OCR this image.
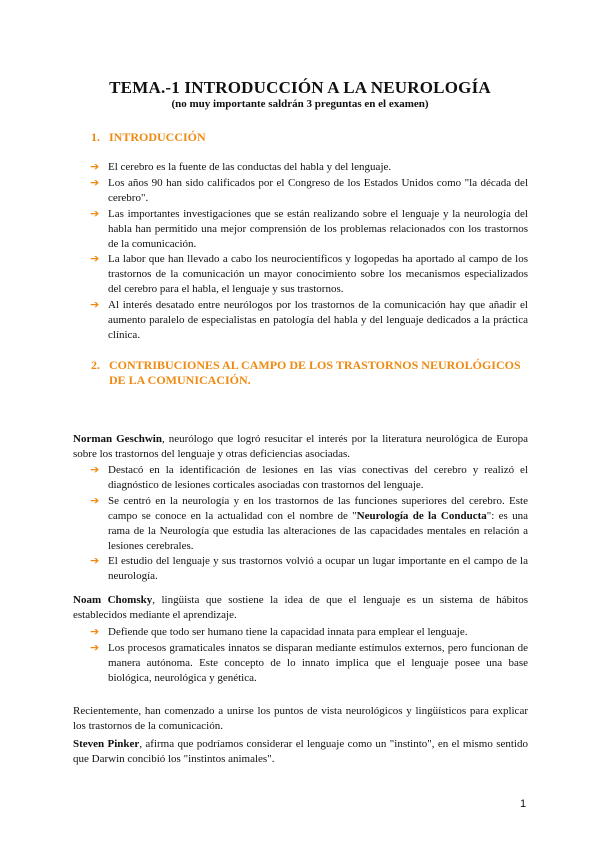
TEMA.-1 INTRODUCCIÓN A LA NEUROLOGÍA

(no muy importante saldrán 3 preguntas en el examen)

1. INTRODUCCIÓN
➔ El cerebro es la fuente de las conductas del habla y del lenguaje.
➔ Los años 90 han sido calificados por el Congreso de los Estados Unidos como "la década del cerebro".
➔ Las importantes investigaciones que se están realizando sobre el lenguaje y la neurología del habla han permitido una mejor comprensión de los problemas relacionados con los trastornos de la comunicación.
➔ La labor que han llevado a cabo los neurocientíficos y logopedas ha aportado al campo de los trastornos de la comunicación un mayor conocimiento sobre los mecanismos especializados del cerebro para el habla, el lenguaje y sus trastornos.
➔ Al interés desatado entre neurólogos por los trastornos de la comunicación hay que añadir el aumento paralelo de especialistas en patología del habla y del lenguaje dedicados a la práctica clínica.
2. CONTRIBUCIONES AL CAMPO DE LOS TRASTORNOS NEUROLÓGICOS
DE LA COMUNICACIÓN.

Norman Geschwin, neurólogo que logró resucitar el interés por la literatura neurológica de Europa sobre los trastornos del lenguaje y otras deficiencias asociadas.

➔ Destacó en la identificación de lesiones en las vías conectivas del cerebro y realizó el diagnóstico de lesiones corticales asociadas con trastornos del lenguaje.
➔ Se centró en la neurología y en los trastornos de las funciones superiores del cerebro. Este campo se conoce en la actualidad con el nombre de "Neurología de la Conducta": es una rama de la Neurología que estudia las alteraciones de las capacidades mentales en relación a lesiones cerebrales.
➔ El estudio del lenguaje y sus trastornos volvió a ocupar un lugar importante en el campo de la neurología.

Noam Chomsky, lingüista que sostiene la idea de que el lenguaje es un sistema de hábitos establecidos mediante el aprendizaje.

➔ Defiende que todo ser humano tiene la capacidad innata para emplear el lenguaje.
➔ Los procesos gramaticales innatos se disparan mediante estímulos externos, pero funcionan de manera autónoma. Este concepto de lo innato implica que el lenguaje posee una base biológica, neurológica y genética.

Recientemente, han comenzado a unirse los puntos de vista neurológicos y lingüísticos para explicar los trastornos de la comunicación.

Steven Pinker, afirma que podríamos considerar el lenguaje como un "instinto", en el mismo sentido que Darwin concibió los "instintos animales".

1
